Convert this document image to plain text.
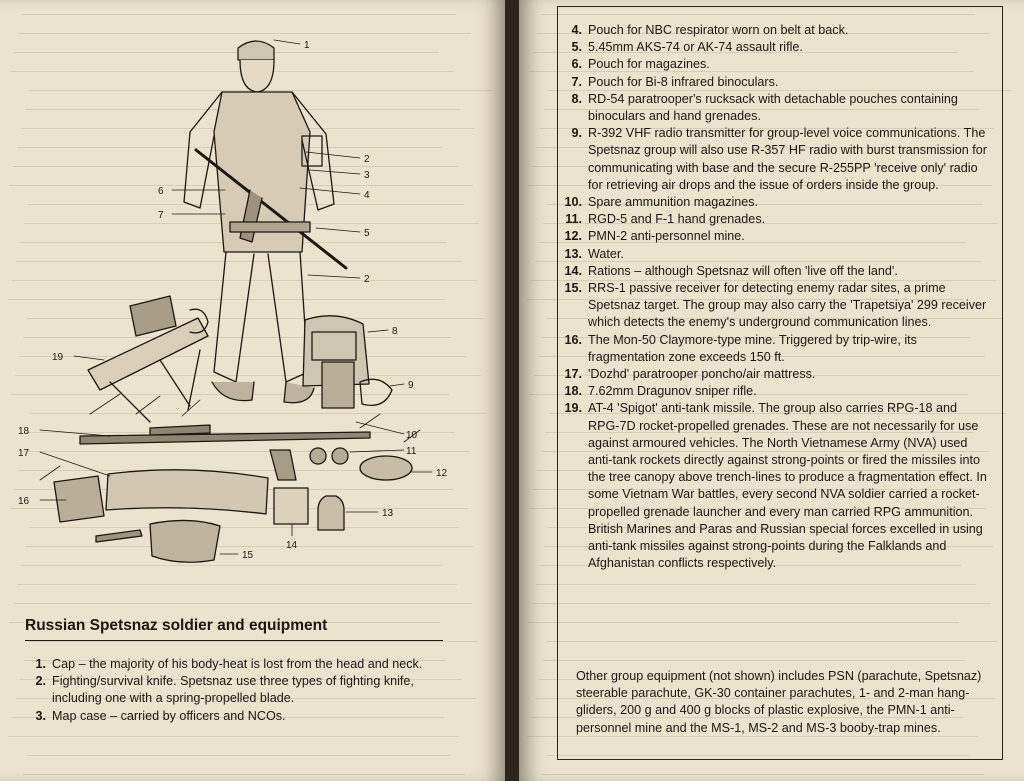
1
2
3
4
5
2
6
7
8
9
10
11
12
13
14
15
16
17
18
19
Russian Spetsnaz soldier and equipment
1. Cap – the majority of his body-heat is lost from the head and neck.
2. Fighting/survival knife. Spetsnaz use three types of fighting knife, including one with a spring-propelled blade.
3. Map case – carried by officers and NCOs.
4. Pouch for NBC respirator worn on belt at back.
5. 5.45mm AKS-74 or AK-74 assault rifle.
6. Pouch for magazines.
7. Pouch for Bi-8 infrared binoculars.
8. RD-54 paratrooper's rucksack with detachable pouches containing binoculars and hand grenades.
9. R-392 VHF radio transmitter for group-level voice communications. The Spetsnaz group will also use R-357 HF radio with burst transmission for communicating with base and the secure R-255PP 'receive only' radio for retrieving air drops and the issue of orders inside the group.
10. Spare ammunition magazines.
11. RGD-5 and F-1 hand grenades.
12. PMN-2 anti-personnel mine.
13. Water.
14. Rations – although Spetsnaz will often 'live off the land'.
15. RRS-1 passive receiver for detecting enemy radar sites, a prime Spetsnaz target. The group may also carry the 'Trapetsiya' 299 receiver which detects the enemy's underground communication lines.
16. The Mon-50 Claymore-type mine. Triggered by trip-wire, its fragmentation zone exceeds 150 ft.
17. 'Dozhd' paratrooper poncho/air mattress.
18. 7.62mm Dragunov sniper rifle.
19. AT-4 'Spigot' anti-tank missile. The group also carries RPG-18 and RPG-7D rocket-propelled grenades. These are not necessarily for use against armoured vehicles. The North Vietnamese Army (NVA) used anti-tank rockets directly against strong-points or fired the missiles into the tree canopy above trench-lines to produce a fragmentation effect. In some Vietnam War battles, every second NVA soldier carried a rocket-propelled grenade launcher and every man carried RPG ammunition. British Marines and Paras and Russian special forces excelled in using anti-tank missiles against strong-points during the Falklands and Afghanistan conflicts respectively.
Other group equipment (not shown) includes PSN (parachute, Spetsnaz) steerable parachute, GK-30 container parachutes, 1- and 2-man hang-gliders, 200 g and 400 g blocks of plastic explosive, the PMN-1 anti-personnel mine and the MS-1, MS-2 and MS-3 booby-trap mines.
